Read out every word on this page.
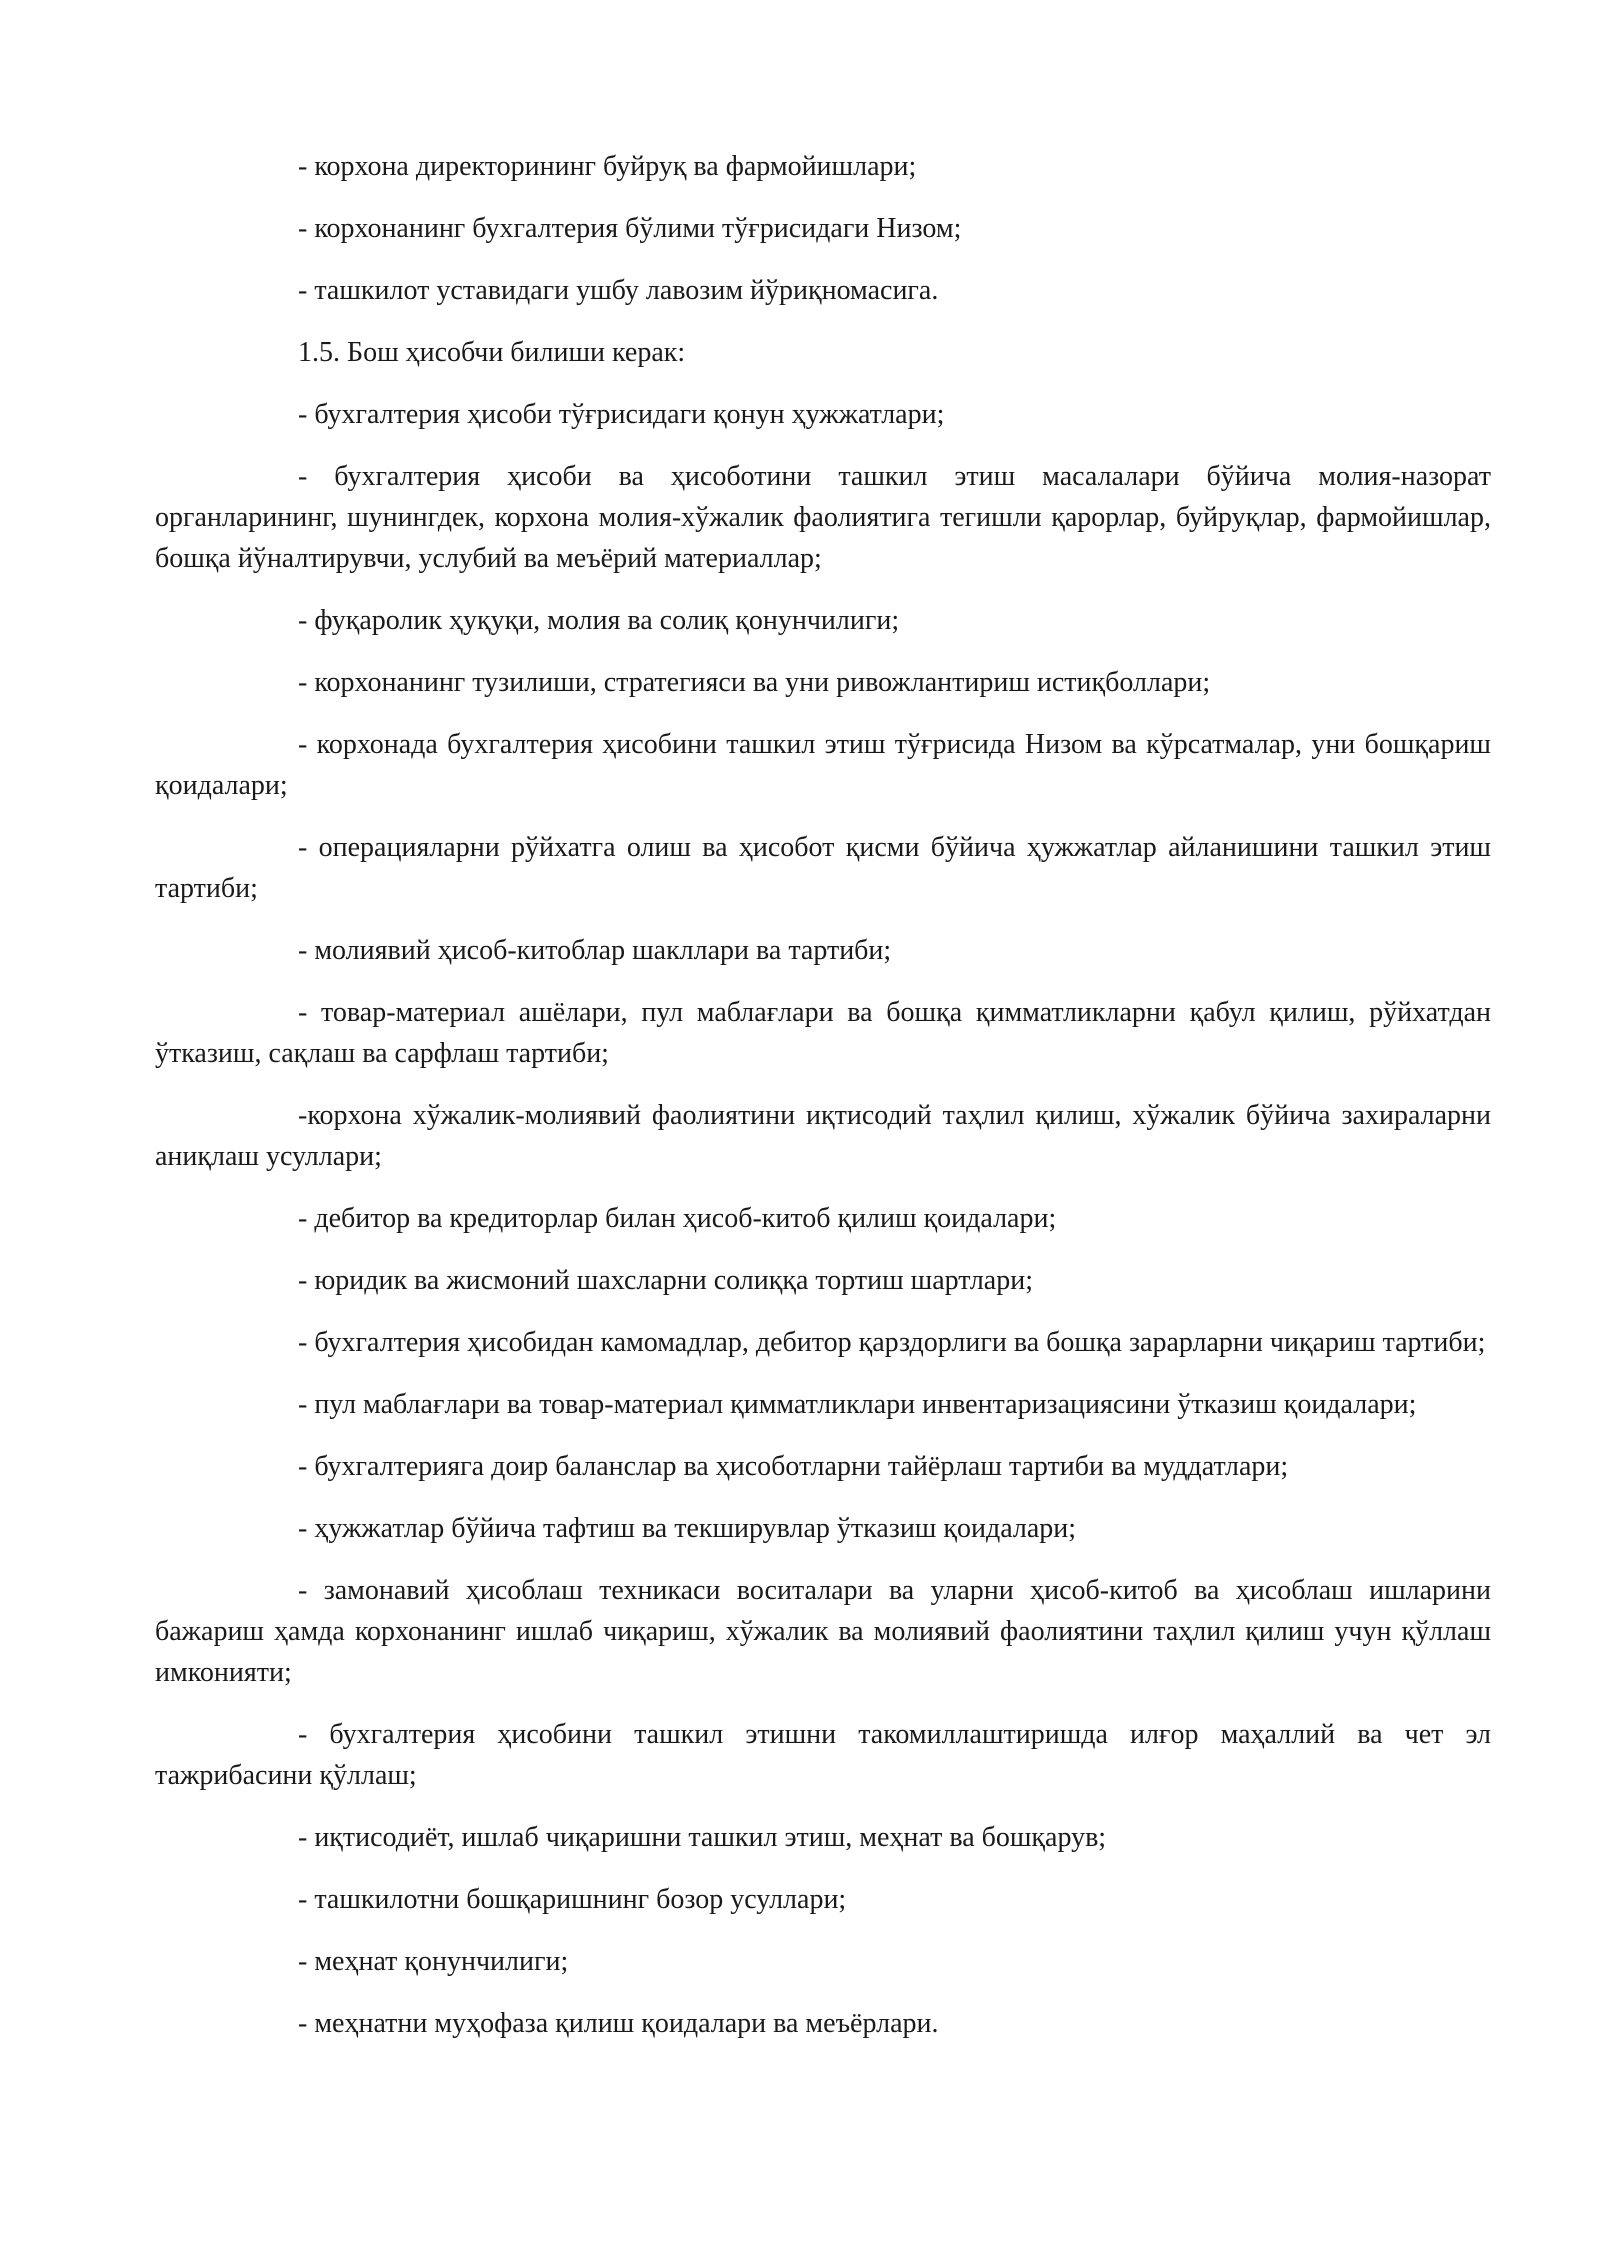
- корхона директорининг буйруқ ва фармойишлари;

- корхонанинг бухгалтерия бўлими тўғрисидаги Низом;

- ташкилот уставидаги ушбу лавозим йўриқномасига.

1.5. Бош ҳисобчи билиши керак:

- бухгалтерия ҳисоби тўғрисидаги қонун ҳужжатлари;

- бухгалтерия ҳисоби ва ҳисоботини ташкил этиш масалалари бўйича молия-назорат органларининг, шунингдек, корхона молия-хўжалик фаолиятига тегишли қарорлар, буйруқлар, фармойишлар, бошқа йўналтирувчи, услубий ва меъёрий материаллар;

- фуқаролик ҳуқуқи, молия ва солиқ қонунчилиги;

- корхонанинг тузилиши, стратегияси ва уни ривожлантириш истиқболлари;

- корхонада бухгалтерия ҳисобини ташкил этиш тўғрисида Низом ва кўрсатмалар, уни бошқариш қоидалари;

- операцияларни рўйхатга олиш ва ҳисобот қисми бўйича ҳужжатлар айланишини ташкил этиш тартиби;

- молиявий ҳисоб-китоблар шакллари ва тартиби;

- товар-материал ашёлари, пул маблағлари ва бошқа қимматликларни қабул қилиш, рўйхатдан ўтказиш, сақлаш ва сарфлаш тартиби;

-корхона хўжалик-молиявий фаолиятини иқтисодий таҳлил қилиш, хўжалик бўйича захираларни аниқлаш усуллари;

- дебитор ва кредиторлар билан ҳисоб-китоб қилиш қоидалари;

- юридик ва жисмоний шахсларни солиққа тортиш шартлари;

- бухгалтерия ҳисобидан камомадлар, дебитор қарздорлиги ва бошқа зарарларни чиқариш тартиби;

- пул маблағлари ва товар-материал қимматликлари инвентаризациясини ўтказиш қоидалари;

- бухгалтерияга доир баланслар ва ҳисоботларни тайёрлаш тартиби ва муддатлари;

- ҳужжатлар бўйича тафтиш ва текширувлар ўтказиш қоидалари;

- замонавий ҳисоблаш техникаси воситалари ва уларни ҳисоб-китоб ва ҳисоблаш ишларини бажариш ҳамда корхонанинг ишлаб чиқариш, хўжалик ва молиявий фаолиятини таҳлил қилиш учун қўллаш имконияти;

- бухгалтерия ҳисобини ташкил этишни такомиллаштиришда илғор маҳаллий ва чет эл тажрибасини қўллаш;

- иқтисодиёт, ишлаб чиқаришни ташкил этиш, меҳнат ва бошқарув;

- ташкилотни бошқаришнинг бозор усуллари;

- меҳнат қонунчилиги;

- меҳнатни муҳофаза қилиш қоидалари ва меъёрлари.
